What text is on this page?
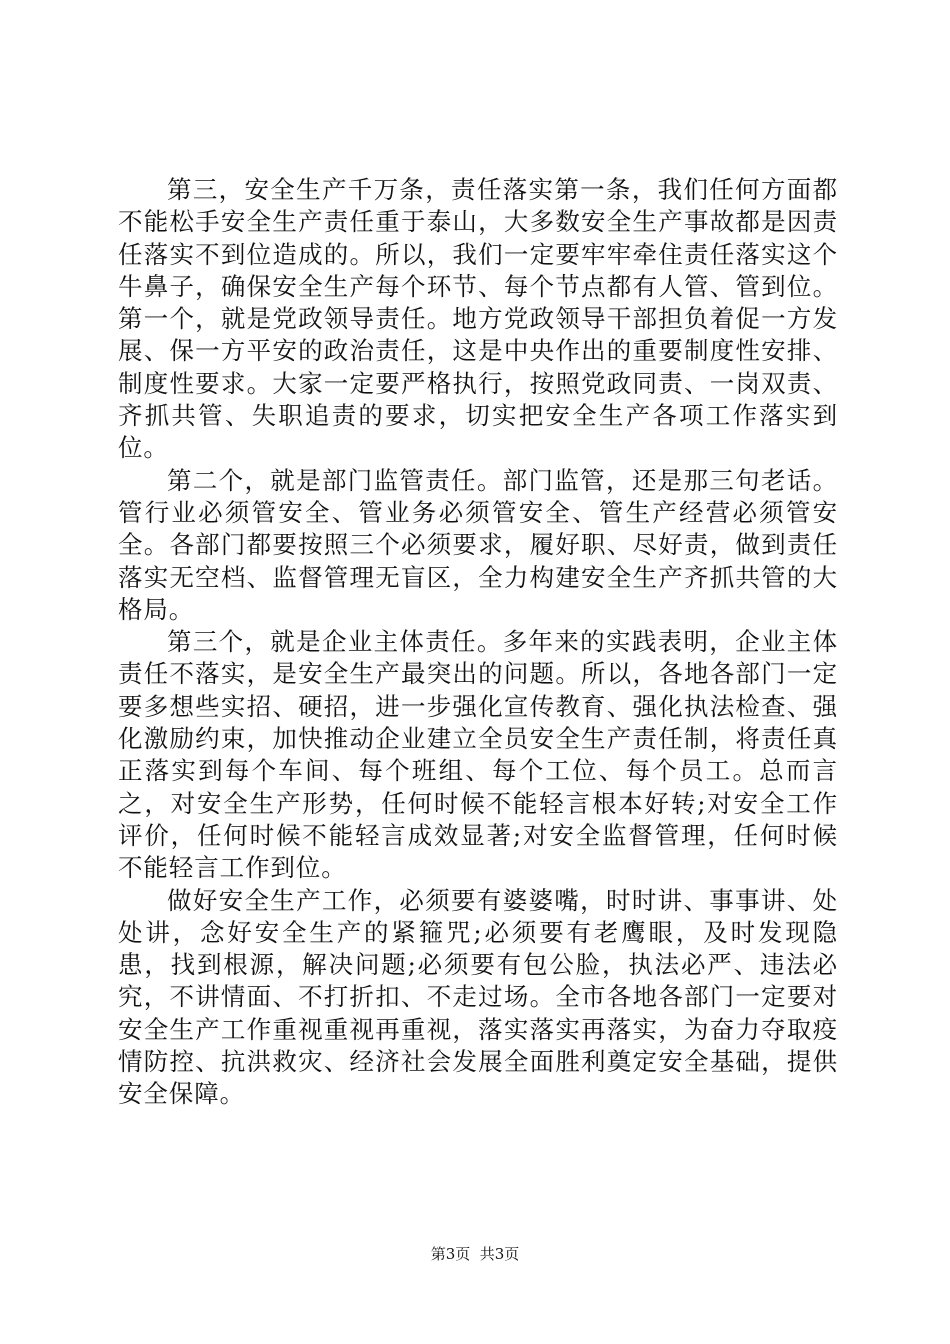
第三，安全生产千万条，责任落实第一条，我们任何方面都不能松手安全生产责任重于泰山，大多数安全生产事故都是因责任落实不到位造成的。所以，我们一定要牢牢牵住责任落实这个牛鼻子，确保安全生产每个环节、每个节点都有人管、管到位。第一个，就是党政领导责任。地方党政领导干部担负着促一方发展、保一方平安的政治责任，这是中央作出的重要制度性安排、制度性要求。大家一定要严格执行，按照党政同责、一岗双责、齐抓共管、失职追责的要求，切实把安全生产各项工作落实到位。

第二个，就是部门监管责任。部门监管，还是那三句老话。管行业必须管安全、管业务必须管安全、管生产经营必须管安全。各部门都要按照三个必须要求，履好职、尽好责，做到责任落实无空档、监督管理无盲区，全力构建安全生产齐抓共管的大格局。

第三个，就是企业主体责任。多年来的实践表明，企业主体责任不落实，是安全生产最突出的问题。所以，各地各部门一定要多想些实招、硬招，进一步强化宣传教育、强化执法检查、强化激励约束，加快推动企业建立全员安全生产责任制，将责任真正落实到每个车间、每个班组、每个工位、每个员工。总而言之，对安全生产形势，任何时候不能轻言根本好转;对安全工作评价，任何时候不能轻言成效显著;对安全监督管理，任何时候不能轻言工作到位。

做好安全生产工作，必须要有婆婆嘴，时时讲、事事讲、处处讲，念好安全生产的紧箍咒;必须要有老鹰眼，及时发现隐患，找到根源，解决问题;必须要有包公脸，执法必严、违法必究，不讲情面、不打折扣、不走过场。全市各地各部门一定要对安全生产工作重视重视再重视，落实落实再落实，为奋力夺取疫情防控、抗洪救灾、经济社会发展全面胜利奠定安全基础，提供安全保障。

第3页  共3页
